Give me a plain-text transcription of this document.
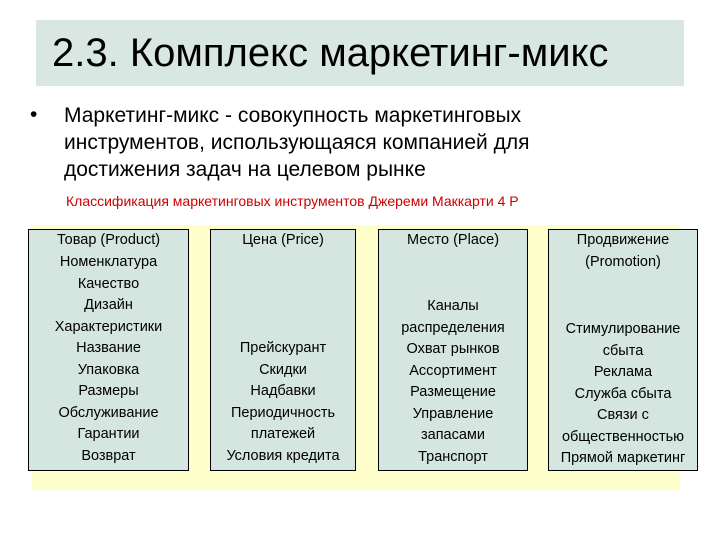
2.3. Комплекс маркетинг-микс
• Маркетинг-микс - совокупность маркетинговых
инструментов, использующаяся компанией для
достижения задач на целевом рынке
Классификация маркетинговых инструментов Джереми Маккарти 4 P
Товар (Product)
Номенклатура
Качество
Дизайн
Характеристики
Название
Упаковка
Размеры
Обслуживание
Гарантии
Возврат
Цена (Price)
Прейскурант
Скидки
Надбавки
Периодичность
платежей
Условия кредита
Место (Place)
Каналы
распределения
Охват рынков
Ассортимент
Размещение
Управление
запасами
Транспорт
Продвижение
(Promotion)
Стимулирование
сбыта
Реклама
Служба сбыта
Связи с
общественностью
Прямой маркетинг
